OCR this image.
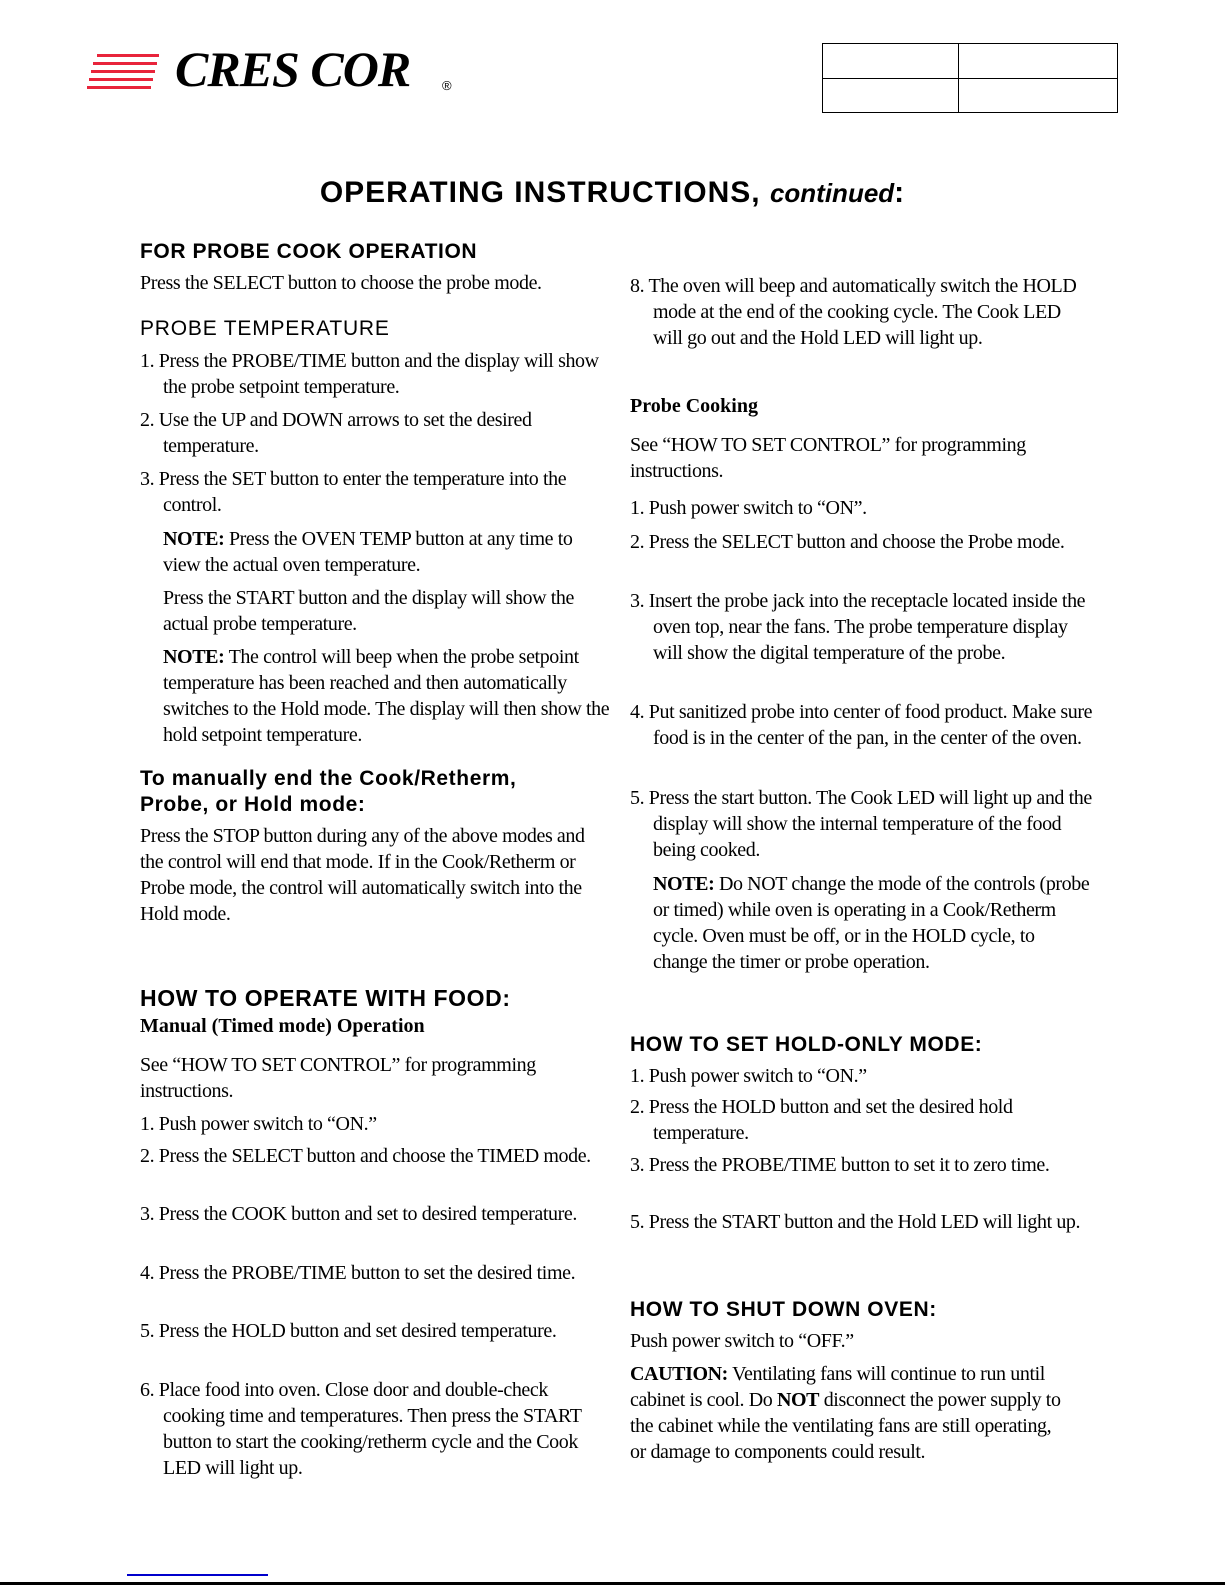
CRES COR ®
OPERATING INSTRUCTIONS, continued:
FOR PROBE COOK OPERATION
Press the SELECT button to choose the probe mode.
PROBE TEMPERATURE
1. Press the PROBE/TIME button and the display will show the probe setpoint temperature.
2. Use the UP and DOWN arrows to set the desired temperature.
3. Press the SET button to enter the temperature into the control.
NOTE: Press the OVEN TEMP button at any time to view the actual oven temperature.
Press the START button and the display will show the actual probe temperature.
NOTE: The control will beep when the probe setpoint temperature has been reached and then automatically switches to the Hold mode. The display will then show the hold setpoint temperature.
To manually end the Cook/Retherm, Probe, or Hold mode:
Press the STOP button during any of the above modes and the control will end that mode. If in the Cook/Retherm or Probe mode, the control will automatically switch into the Hold mode.
HOW TO OPERATE WITH FOOD:
Manual (Timed mode) Operation
See “HOW TO SET CONTROL” for programming instructions.
1. Push power switch to “ON.”
2. Press the SELECT button and choose the TIMED mode.
3. Press the COOK button and set to desired temperature.
4. Press the PROBE/TIME button to set the desired time.
5. Press the HOLD button and set desired temperature.
6. Place food into oven. Close door and double-check cooking time and temperatures. Then press the START button to start the cooking/retherm cycle and the Cook LED will light up.
8. The oven will beep and automatically switch the HOLD mode at the end of the cooking cycle. The Cook LED will go out and the Hold LED will light up.
Probe Cooking
See “HOW TO SET CONTROL” for programming instructions.
1. Push power switch to “ON”.
2. Press the SELECT button and choose the Probe mode.
3. Insert the probe jack into the receptacle located inside the oven top, near the fans. The probe temperature display will show the digital temperature of the probe.
4. Put sanitized probe into center of food product. Make sure food is in the center of the pan, in the center of the oven.
5. Press the start button. The Cook LED will light up and the display will show the internal temperature of the food being cooked.
NOTE: Do NOT change the mode of the controls (probe or timed) while oven is operating in a Cook/Retherm cycle. Oven must be off, or in the HOLD cycle, to change the timer or probe operation.
HOW TO SET HOLD-ONLY MODE:
1. Push power switch to “ON.”
2. Press the HOLD button and set the desired hold temperature.
3. Press the PROBE/TIME button to set it to zero time.
5. Press the START button and the Hold LED will light up.
HOW TO SHUT DOWN OVEN:
Push power switch to “OFF.”
CAUTION: Ventilating fans will continue to run until cabinet is cool. Do NOT disconnect the power supply to the cabinet while the ventilating fans are still operating, or damage to components could result.
